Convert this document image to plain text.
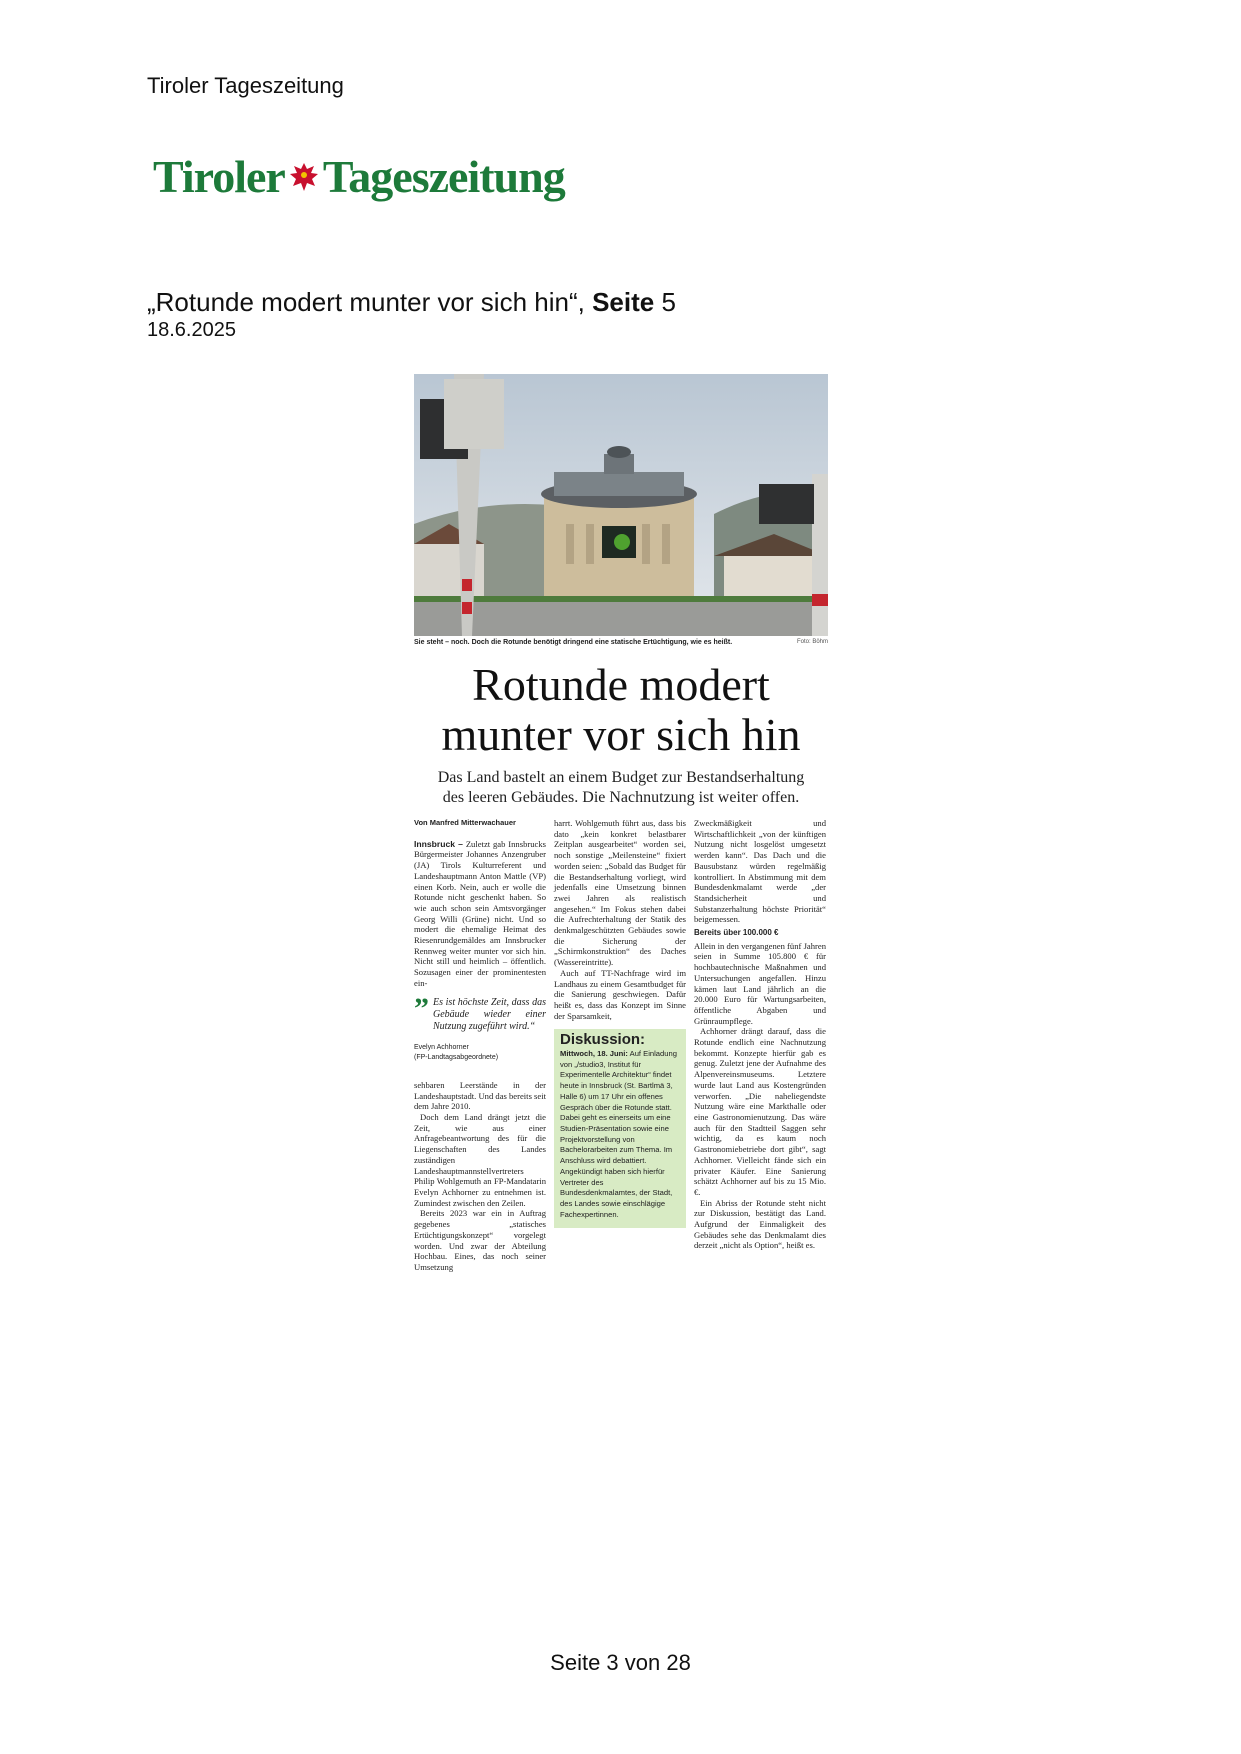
Tiroler Tageszeitung
Tiroler Tageszeitung
„Rotunde modert munter vor sich hin“, Seite 5
18.6.2025
Sie steht – noch. Doch die Rotunde benötigt dringend eine statische Ertüchtigung, wie es heißt.	Foto: Böhm
Rotunde modert
munter vor sich hin
Das Land bastelt an einem Budget zur Bestandserhaltung
des leeren Gebäudes. Die Nachnutzung ist weiter offen.
Von Manfred Mitterwachauer

Innsbruck – Zuletzt gab Innsbrucks Bürgermeister Johannes Anzengruber (JA) Tirols Kulturreferent und Landeshauptmann Anton Mattle (VP) einen Korb. Nein, auch er wolle die Rotunde nicht geschenkt haben. So wie auch schon sein Amtsvorgänger Georg Willi (Grüne) nicht. Und so modert die ehemalige Heimat des Riesenrundgemäldes am Innsbrucker Rennweg weiter munter vor sich hin. Nicht still und heimlich – öffentlich. Sozusagen einer der prominentesten ein-

” Es ist höchste Zeit, dass das Gebäude wieder einer Nutzung zugeführt wird.“
Evelyn Achhorner
(FP-Landtagsabgeordnete)

sehbaren Leerstände in der Landeshauptstadt. Und das bereits seit dem Jahre 2010.

Doch dem Land drängt jetzt die Zeit, wie aus einer Anfragebeantwortung des für die Liegenschaften des Landes zuständigen Landeshauptmannstellvertreters Philip Wohlgemuth an FP-Mandatarin Evelyn Achhorner zu entnehmen ist. Zumindest zwischen den Zeilen.

Bereits 2023 war ein in Auftrag gegebenes „statisches Ertüchtigungskonzept“ vorgelegt worden. Und zwar der Abteilung Hochbau. Eines, das noch seiner Umsetzung

harrt. Wohlgemuth führt aus, dass bis dato „kein konkret belastbarer Zeitplan ausgearbeitet“ worden sei, noch sonstige „Meilensteine“ fixiert worden seien: „Sobald das Budget für die Bestandserhaltung vorliegt, wird jedenfalls eine Umsetzung binnen zwei Jahren als realistisch angesehen.“ Im Fokus stehen dabei die Aufrechterhaltung der Statik des denkmalgeschützten Gebäudes sowie die Sicherung der „Schirmkonstruktion“ des Daches (Wassereintritte).

Auch auf TT-Nachfrage wird im Landhaus zu einem Gesamtbudget für die Sanierung geschwiegen. Dafür heißt es, dass das Konzept im Sinne der Sparsamkeit,

Diskussion:
Mittwoch, 18. Juni: Auf Einladung von „/studio3, Institut für Experimentelle Architektur“ findet heute in Innsbruck (St. Bartlmä 3, Halle 6) um 17 Uhr ein offenes Gespräch über die Rotunde statt. Dabei geht es einerseits um eine Studien-Präsentation sowie eine Projektvorstellung von Bachelorarbeiten zum Thema. Im Anschluss wird debattiert. Angekündigt haben sich hierfür Vertreter des Bundesdenkmalamtes, der Stadt, des Landes sowie einschlägige Fachexpertinnen.

Zweckmäßigkeit und Wirtschaftlichkeit „von der künftigen Nutzung nicht losgelöst umgesetzt werden kann“. Das Dach und die Bausubstanz würden regelmäßig kontrolliert. In Abstimmung mit dem Bundesdenkmalamt werde „der Standsicherheit und Substanzerhaltung höchste Priorität“ beigemessen.

Bereits über 100.000 €

Allein in den vergangenen fünf Jahren seien in Summe 105.800 € für hochbautechnische Maßnahmen und Untersuchungen angefallen. Hinzu kämen laut Land jährlich an die 20.000 Euro für Wartungsarbeiten, öffentliche Abgaben und Grünraumpflege.

Achhorner drängt darauf, dass die Rotunde endlich eine Nachnutzung bekommt. Konzepte hierfür gab es genug. Zuletzt jene der Aufnahme des Alpenvereinsmuseums. Letztere wurde laut Land aus Kostengründen verworfen. „Die naheliegendste Nutzung wäre eine Markthalle oder eine Gastronomienutzung. Das wäre auch für den Stadtteil Saggen sehr wichtig, da es kaum noch Gastronomiebetriebe dort gibt“, sagt Achhorner. Vielleicht fände sich ein privater Käufer. Eine Sanierung schätzt Achhorner auf bis zu 15 Mio. €.

Ein Abriss der Rotunde steht nicht zur Diskussion, bestätigt das Land. Aufgrund der Einmaligkeit des Gebäudes sehe das Denkmalamt dies derzeit „nicht als Option“, heißt es.

Seite 3 von 28
